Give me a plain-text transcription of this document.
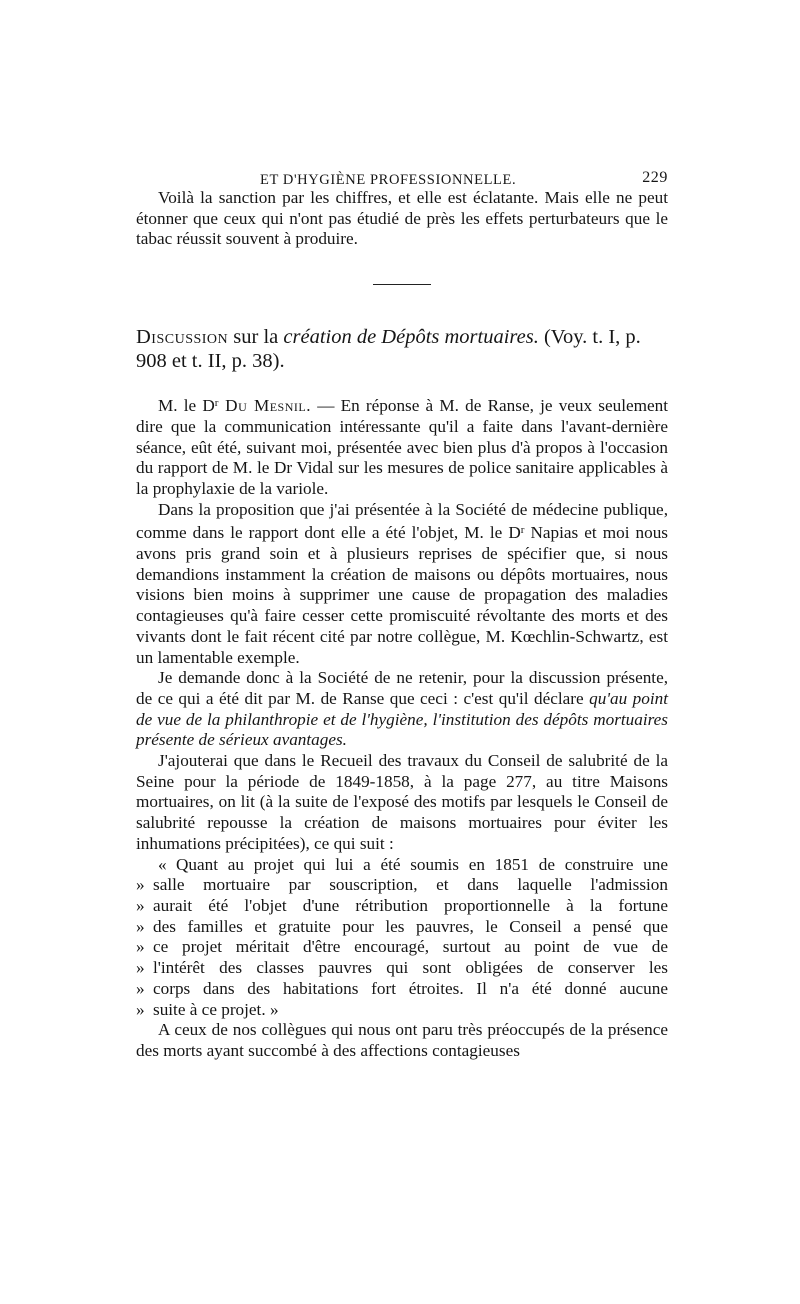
ET D'HYGIÈNE PROFESSIONNELLE.	229

Voilà la sanction par les chiffres, et elle est éclatante. Mais elle ne peut étonner que ceux qui n'ont pas étudié de près les effets perturbateurs que le tabac réussit souvent à produire.

Discussion sur la création de Dépôts mortuaires. (Voy. t. I, p. 908 et t. II, p. 38).

M. le $D^r$ Du Mesnil. — En réponse à M. de Ranse, je veux seulement dire que la communication intéressante qu'il a faite dans l'avant-dernière séance, eût été, suivant moi, présentée avec bien plus d'à propos à l'occasion du rapport de M. le Dr Vidal sur les mesures de police sanitaire applicables à la prophylaxie de la variole.

Dans la proposition que j'ai présentée à la Société de médecine publique, comme dans le rapport dont elle a été l'objet, M. le $D^r$ Napias et moi nous avons pris grand soin et à plusieurs reprises de spécifier que, si nous demandions instamment la création de maisons ou dépôts mortuaires, nous visions bien moins à supprimer une cause de propagation des maladies contagieuses qu'à faire cesser cette promiscuité révoltante des morts et des vivants dont le fait récent cité par notre collègue, M. Kœchlin-Schwartz, est un lamentable exemple.

Je demande donc à la Société de ne retenir, pour la discussion présente, de ce qui a été dit par M. de Ranse que ceci : c'est qu'il déclare qu'au point de vue de la philanthropie et de l'hygiène, l'institution des dépôts mortuaires présente de sérieux avantages.

J'ajouterai que dans le Recueil des travaux du Conseil de salubrité de la Seine pour la période de 1849-1858, à la page 277, au titre Maisons mortuaires, on lit (à la suite de l'exposé des motifs par lesquels le Conseil de salubrité repousse la création de maisons mortuaires pour éviter les inhumations précipitées), ce qui suit :

« Quant au projet qui lui a été soumis en 1851 de construire une
» salle mortuaire par souscription, et dans laquelle l'admission
» aurait été l'objet d'une rétribution proportionnelle à la fortune
» des familles et gratuite pour les pauvres, le Conseil a pensé que
» ce projet méritait d'être encouragé, surtout au point de vue de
» l'intérêt des classes pauvres qui sont obligées de conserver les
» corps dans des habitations fort étroites. Il n'a été donné aucune
» suite à ce projet. »

A ceux de nos collègues qui nous ont paru très préoccupés de la présence des morts ayant succombé à des affections contagieuses
